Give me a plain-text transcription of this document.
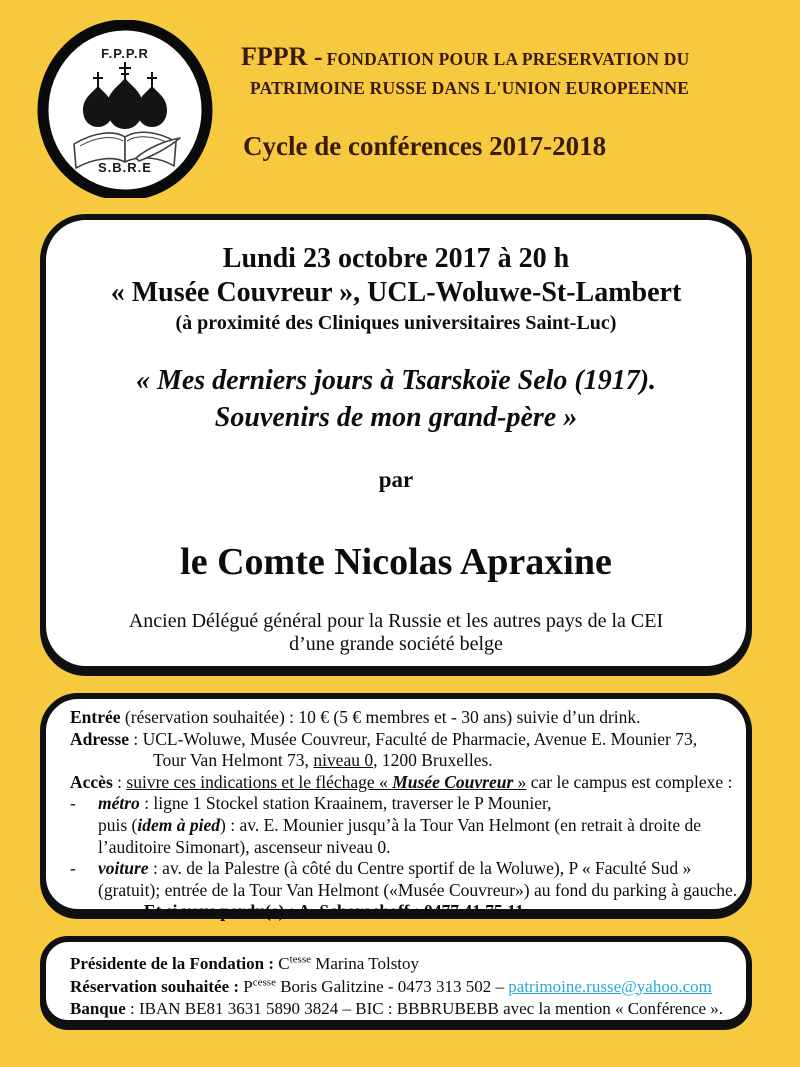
F.P.P.R
S.B.R.E
FPPR - FONDATION POUR LA PRESERVATION DU
PATRIMOINE RUSSE DANS L'UNION EUROPEENNE
Cycle de conférences 2017-2018
Lundi 23 octobre 2017 à 20 h
« Musée Couvreur », UCL-Woluwe-St-Lambert
(à proximité des Cliniques universitaires Saint-Luc)
« Mes derniers jours à Tsarskoïe Selo (1917).
Souvenirs de mon grand-père »
par
le Comte Nicolas Apraxine
Ancien Délégué général pour la Russie et les autres pays de la CEI
d’une grande société belge

Entrée (réservation souhaitée) : 10 € (5 € membres et - 30 ans) suivie d’un drink.

Adresse : UCL-Woluwe, Musée Couvreur, Faculté de Pharmacie, Avenue E. Mounier 73,

Tour Van Helmont 73, niveau 0, 1200 Bruxelles.

Accès : suivre ces indications et le fléchage « Musée Couvreur » car le campus est complexe :

- métro : ligne 1 Stockel station Kraainem, traverser le P Mounier,

puis (idem à pied) : av. E. Mounier jusqu’à la Tour Van Helmont (en retrait à droite de

l’auditoire Simonart), ascenseur niveau 0.

- voiture : av. de la Palestre (à côté du Centre sportif de la Woluwe), P « Faculté Sud »

(gratuit); entrée de la Tour Van Helmont («Musée Couvreur») au fond du parking à gauche.

Et si vous perdu(e) : A. Schorochoff : 0477 41 75 11.

Présidente de la Fondation : $C^{tesse}$ Marina Tolstoy

Réservation souhaitée : $P^{cesse}$ Boris Galitzine - 0473 313 502 – patrimoine.russe@yahoo.com

Banque : IBAN BE81 3631 5890 3824 – BIC : BBBRUBEBB avec la mention « Conférence ».
